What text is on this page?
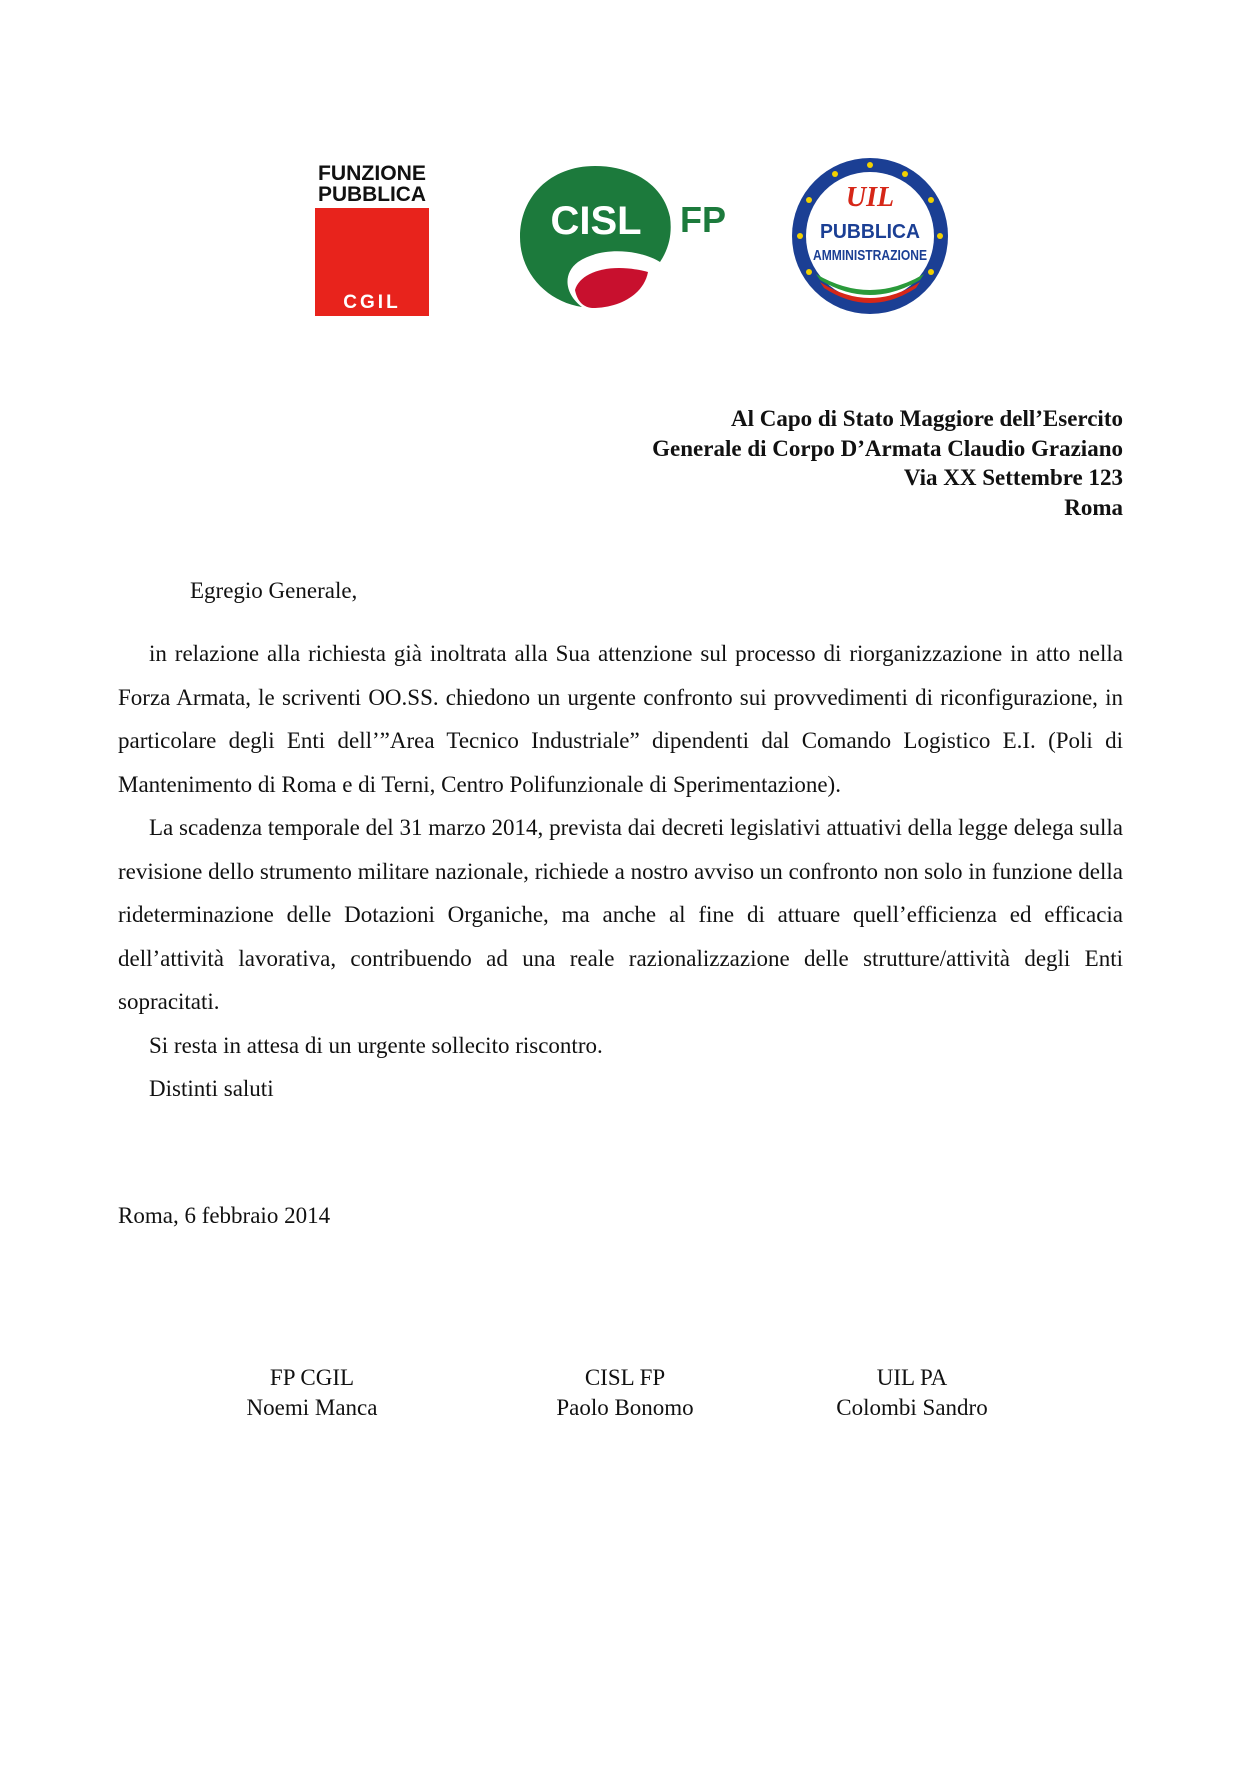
FUNZIONE
PUBBLICA
CGIL
CISL FP
UIL
PUBBLICA
AMMINISTRAZIONE
Al Capo di Stato Maggiore dell’Esercito
Generale di Corpo D’Armata Claudio Graziano
Via XX Settembre 123
Roma
Egregio Generale,

in relazione alla richiesta già inoltrata alla Sua attenzione sul processo di riorganizzazione in atto nella Forza Armata, le scriventi OO.SS. chiedono un urgente confronto sui provvedimenti di riconfigurazione, in particolare degli Enti dell’”Area Tecnico Industriale” dipendenti dal Comando Logistico E.I. (Poli di Mantenimento di Roma e di Terni, Centro Polifunzionale di Sperimentazione).

La scadenza temporale del 31 marzo 2014, prevista dai decreti legislativi attuativi della legge delega sulla revisione dello strumento militare nazionale, richiede a nostro avviso un confronto non solo in funzione della rideterminazione delle Dotazioni Organiche, ma anche al fine di attuare quell’efficienza ed efficacia dell’attività lavorativa, contribuendo ad una reale razionalizzazione delle strutture/attività degli Enti sopracitati.

Si resta in attesa di un urgente sollecito riscontro.

Distinti saluti

Roma, 6 febbraio 2014
FP CGIL
Noemi Manca
CISL FP
Paolo Bonomo
UIL PA
Colombi Sandro
